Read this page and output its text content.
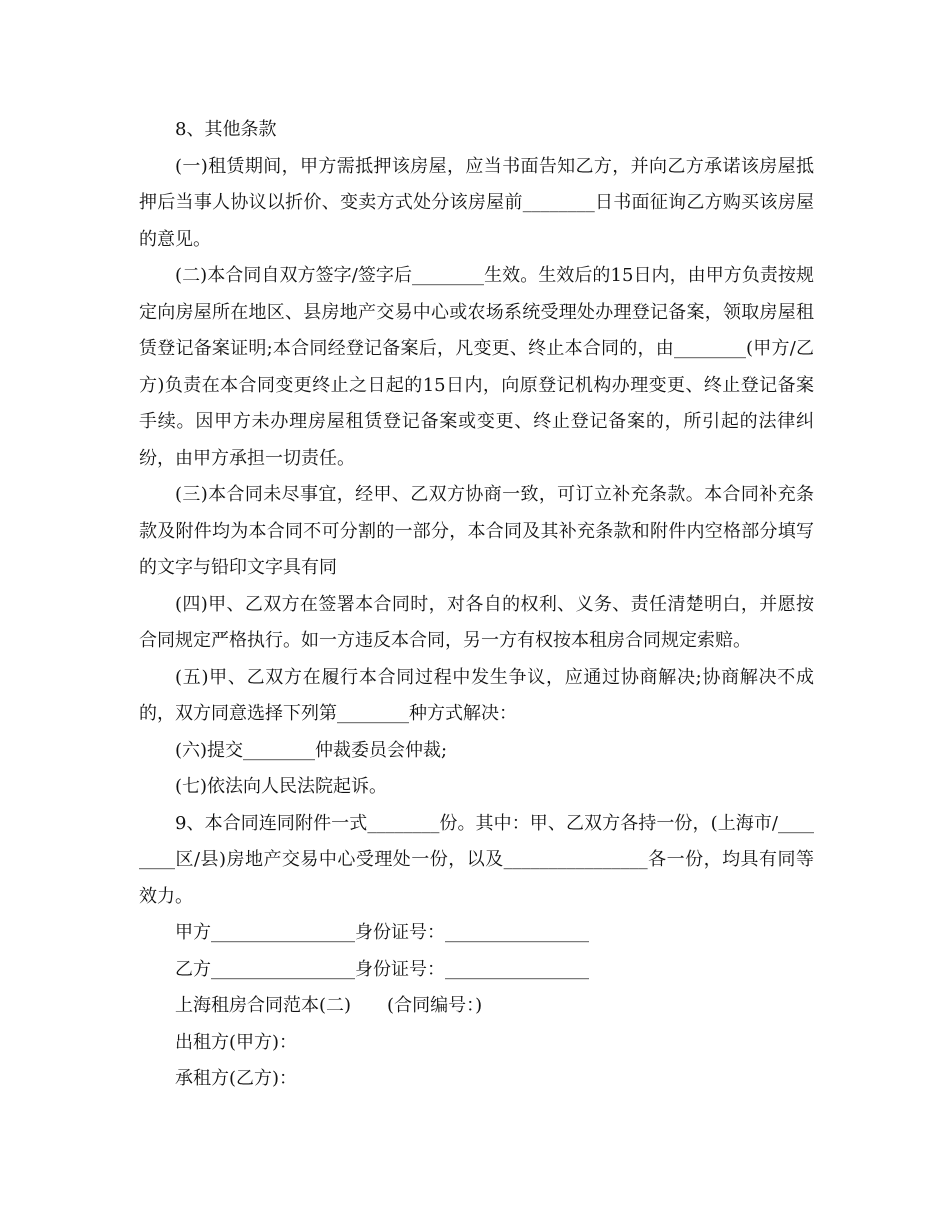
8、其他条款

(一)租赁期间，甲方需抵押该房屋，应当书面告知乙方，并向乙方承诺该房屋抵押后当事人协议以折价、变卖方式处分该房屋前________日书面征询乙方购买该房屋的意见。

(二)本合同自双方签字/签字后________生效。生效后的15日内，由甲方负责按规定向房屋所在地区、县房地产交易中心或农场系统受理处办理登记备案，领取房屋租赁登记备案证明;本合同经登记备案后，凡变更、终止本合同的，由________(甲方/乙方)负责在本合同变更终止之日起的15日内，向原登记机构办理变更、终止登记备案手续。因甲方未办理房屋租赁登记备案或变更、终止登记备案的，所引起的法律纠纷，由甲方承担一切责任。

(三)本合同未尽事宜，经甲、乙双方协商一致，可订立补充条款。本合同补充条款及附件均为本合同不可分割的一部分，本合同及其补充条款和附件内空格部分填写的文字与铅印文字具有同

(四)甲、乙双方在签署本合同时，对各自的权利、义务、责任清楚明白，并愿按合同规定严格执行。如一方违反本合同，另一方有权按本租房合同规定索赔。

(五)甲、乙双方在履行本合同过程中发生争议，应通过协商解决;协商解决不成的，双方同意选择下列第________种方式解决：

(六)提交________仲裁委员会仲裁;

(七)依法向人民法院起诉。

9、本合同连同附件一式________份。其中：甲、乙双方各持一份，(上海市/________区/县)房地产交易中心受理处一份，以及________________各一份，均具有同等效力。

甲方________________身份证号：________________

乙方________________身份证号：________________

上海租房合同范本(二)　　(合同编号：)

出租方(甲方)：

承租方(乙方)：
